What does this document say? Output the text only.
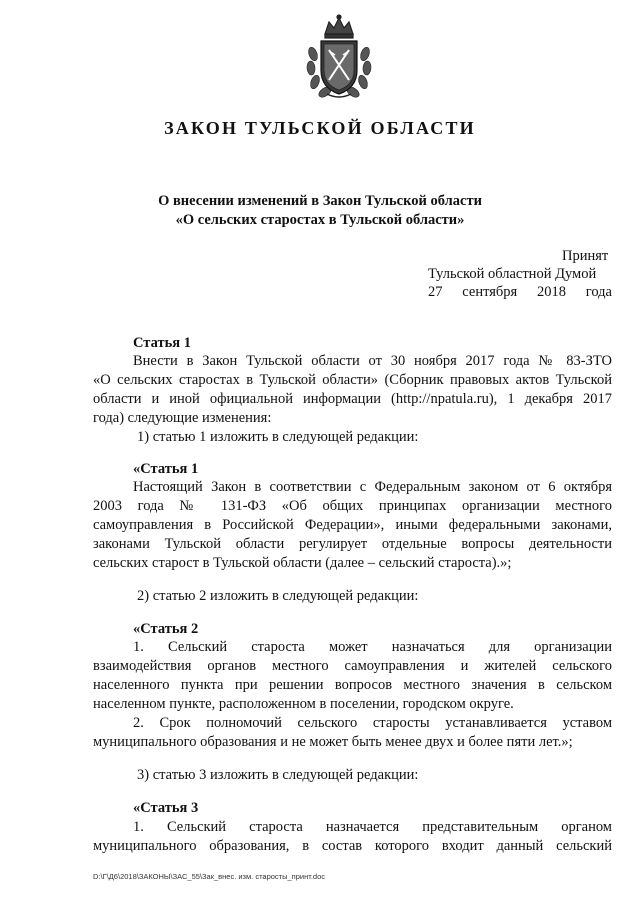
ЗАКОН ТУЛЬСКОЙ ОБЛАСТИ
О внесении изменений в Закон Тульской области
«О сельских старостах в Тульской области»
Принят
Тульской областной Думой
27 сентября 2018 года
Статья 1
Внести в Закон Тульской области от 30 ноября 2017 года № 83-ЗТО
«О сельских старостах в Тульской области» (Сборник правовых актов Тульской
области и иной официальной информации (http://npatula.ru), 1 декабря 2017
года) следующие изменения:
1) статью 1 изложить в следующей редакции:
«Статья 1
Настоящий Закон в соответствии с Федеральным законом от 6 октября
2003 года № 131-ФЗ «Об общих принципах организации местного
самоуправления в Российской Федерации», иными федеральными законами,
законами Тульской области регулирует отдельные вопросы деятельности
сельских старост в Тульской области (далее – сельский староста).»;
2) статью 2 изложить в следующей редакции:
«Статья 2
1. Сельский староста может назначаться для организации
взаимодействия органов местного самоуправления и жителей сельского
населенного пункта при решении вопросов местного значения в сельском
населенном пункте, расположенном в поселении, городском округе.
2. Срок полномочий сельского старосты устанавливается уставом
муниципального образования и не может быть менее двух и более пяти лет.»;
3) статью 3 изложить в следующей редакции:
«Статья 3
1. Сельский староста назначается представительным органом
муниципального образования, в состав которого входит данный сельский
D:\Г\Д6\2018\ЗАКОНЫ\ЗАС_55\Зак_внес. изм. старосты_принт.doc
